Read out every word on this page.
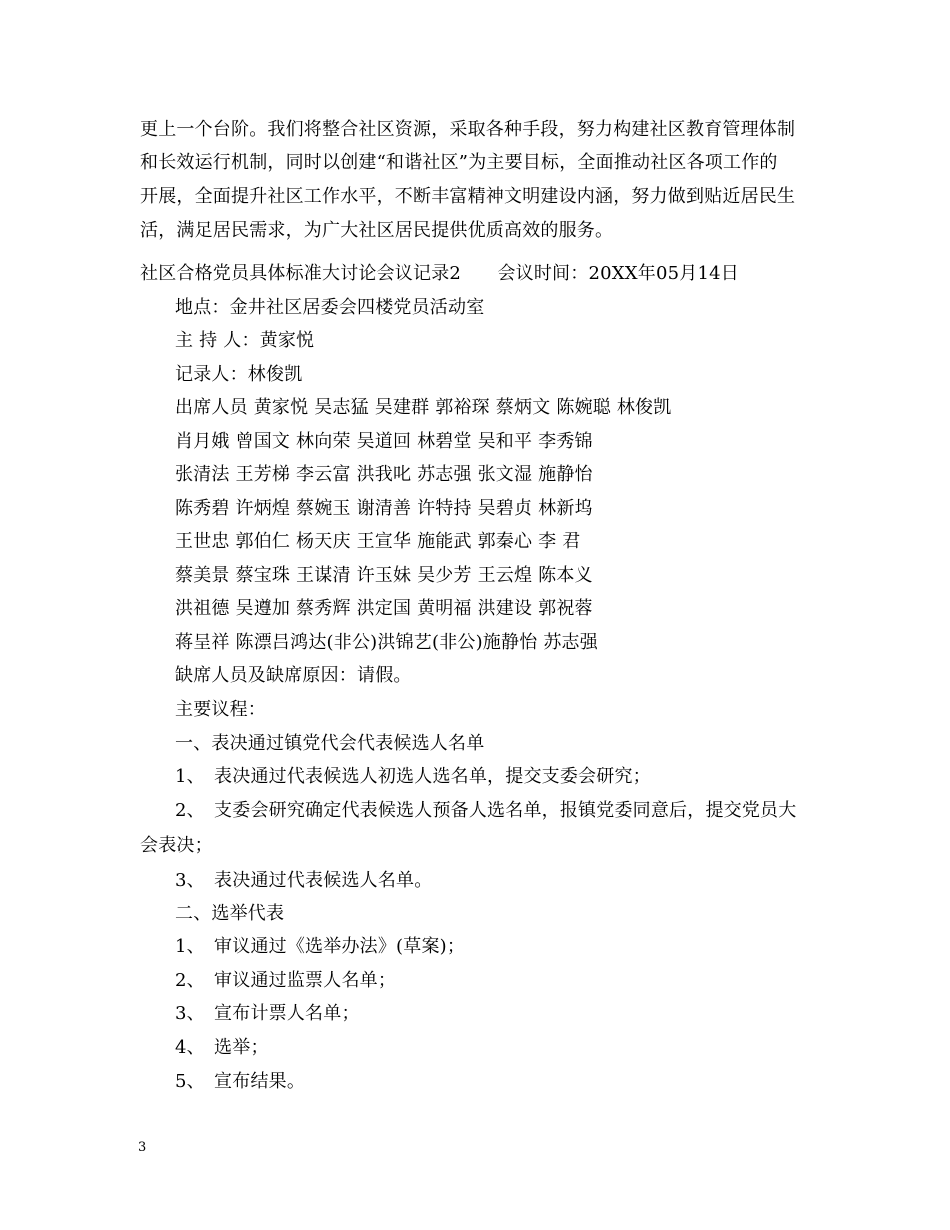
更上一个台阶。我们将整合社区资源，采取各种手段，努力构建社区教育管理体制
和长效运行机制，同时以创建“和谐社区”为主要目标，全面推动社区各项工作的
开展，全面提升社区工作水平，不断丰富精神文明建设内涵，努力做到贴近居民生
活，满足居民需求，为广大社区居民提供优质高效的服务。
社区合格党员具体标准大讨论会议记录2　　会议时间：20XX年05月14日
地点：金井社区居委会四楼党员活动室
主 持 人：黄家悦
记录人：林俊凯
出席人员 黄家悦 吴志猛 吴建群 郭裕琛 蔡炳文 陈婉聪 林俊凯
肖月娥 曾国文 林向荣 吴道回 林碧堂 吴和平 李秀锦
张清法 王芳梯 李云富 洪我叱 苏志强 张文湿 施静怡
陈秀碧 许炳煌 蔡婉玉 谢清善 许特持 吴碧贞 林新坞
王世忠 郭伯仁 杨天庆 王宣华 施能武 郭秦心 李 君
蔡美景 蔡宝珠 王谋清 许玉妹 吴少芳 王云煌 陈本义
洪祖德 吴遵加 蔡秀辉 洪定国 黄明福 洪建设 郭祝蓉
蒋呈祥 陈漂吕鸿达(非公)洪锦艺(非公)施静怡 苏志强
缺席人员及缺席原因：请假。
主要议程：
一、表决通过镇党代会代表候选人名单
1、　表决通过代表候选人初选人选名单，提交支委会研究；
2、　支委会研究确定代表候选人预备人选名单，报镇党委同意后，提交党员大
会表决；
3、　表决通过代表候选人名单。
二、选举代表
1、　审议通过《选举办法》(草案)；
2、　审议通过监票人名单；
3、　宣布计票人名单；
4、　选举；
5、　宣布结果。
3
